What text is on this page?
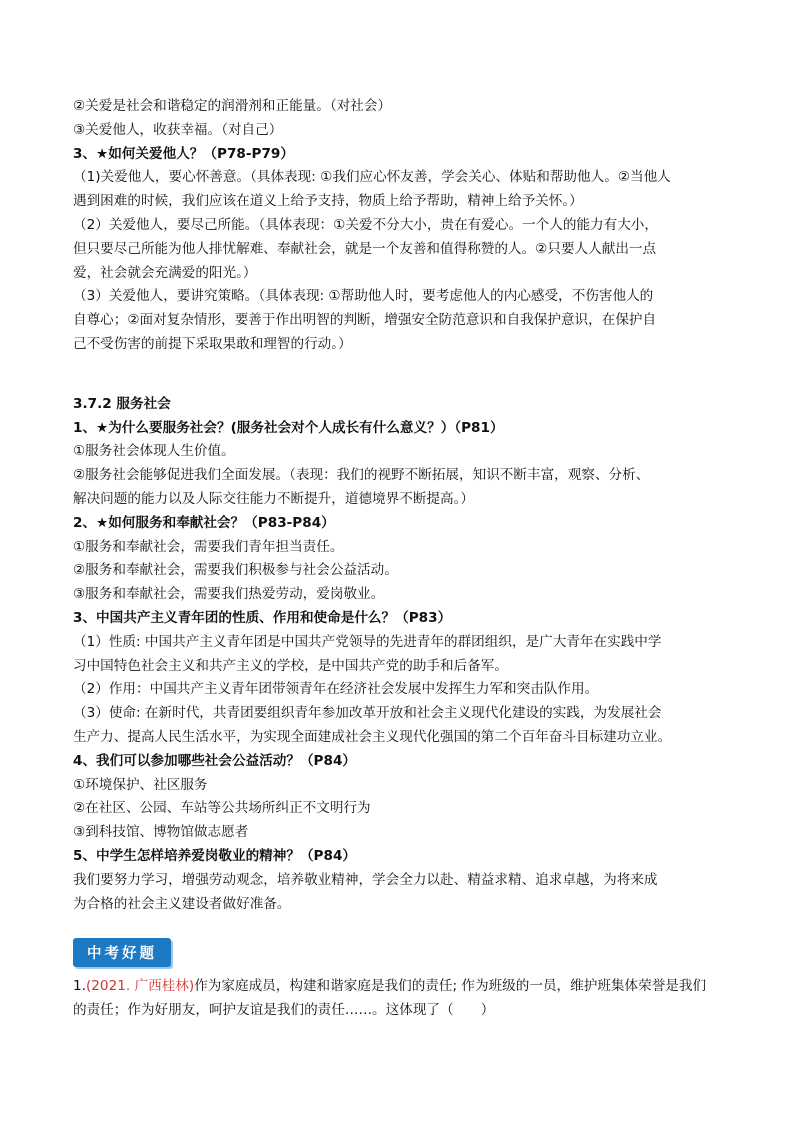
②关爱是社会和谐稳定的润滑剂和正能量。（对社会）
③关爱他人，收获幸福。（对自己）
3、★如何关爱他人？（P78-P79）
（1)关爱他人，要心怀善意。（具体表现: ①我们应心怀友善，学会关心、体贴和帮助他人。②当他人
遇到困难的时候，我们应该在道义上给予支持，物质上给予帮助，精神上给予关怀。）
（2）关爱他人，要尽己所能。（具体表现：①关爱不分大小，贵在有爱心。一个人的能力有大小，
但只要尽己所能为他人排忧解难、奉献社会，就是一个友善和值得称赞的人。②只要人人献出一点
爱，社会就会充满爱的阳光。）
（3）关爱他人，要讲究策略。（具体表现: ①帮助他人时，要考虑他人的内心感受，不伤害他人的
自尊心；②面对复杂情形，要善于作出明智的判断，增强安全防范意识和自我保护意识，在保护自
己不受伤害的前提下采取果敢和理智的行动。）
3.7.2 服务社会
1、★为什么要服务社会？(服务社会对个人成长有什么意义？）（P81）
①服务社会体现人生价值。
②服务社会能够促进我们全面发展。（表现：我们的视野不断拓展，知识不断丰富，观察、分析、
解决问题的能力以及人际交往能力不断提升，道德境界不断提高。）
2、★如何服务和奉献社会？（P83-P84）
①服务和奉献社会，需要我们青年担当责任。
②服务和奉献社会，需要我们积极参与社会公益活动。
③服务和奉献社会，需要我们热爱劳动，爱岗敬业。
3、中国共产主义青年团的性质、作用和使命是什么？（P83）
（1）性质: 中国共产主义青年团是中国共产党领导的先进青年的群团组织，是广大青年在实践中学
习中国特色社会主义和共产主义的学校，是中国共产党的助手和后备军。
（2）作用：中国共产主义青年团带领青年在经济社会发展中发挥生力军和突击队作用。
（3）使命: 在新时代，共青团要组织青年参加改革开放和社会主义现代化建设的实践，为发展社会
生产力、提高人民生活水平，为实现全面建成社会主义现代化强国的第二个百年奋斗目标建功立业。
4、我们可以参加哪些社会公益活动？（P84）
①环境保护、社区服务
②在社区、公园、车站等公共场所纠正不文明行为
③到科技馆、博物馆做志愿者
5、中学生怎样培养爱岗敬业的精神？（P84）
我们要努力学习，增强劳动观念，培养敬业精神，学会全力以赴、精益求精、追求卓越，为将来成
为合格的社会主义建设者做好准备。
中考好题
1.(2021. 广西桂林)作为家庭成员，构建和谐家庭是我们的责任; 作为班级的一员，维护班集体荣誉是我们
的责任；作为好朋友，呵护友谊是我们的责任……。这体现了（　　）
